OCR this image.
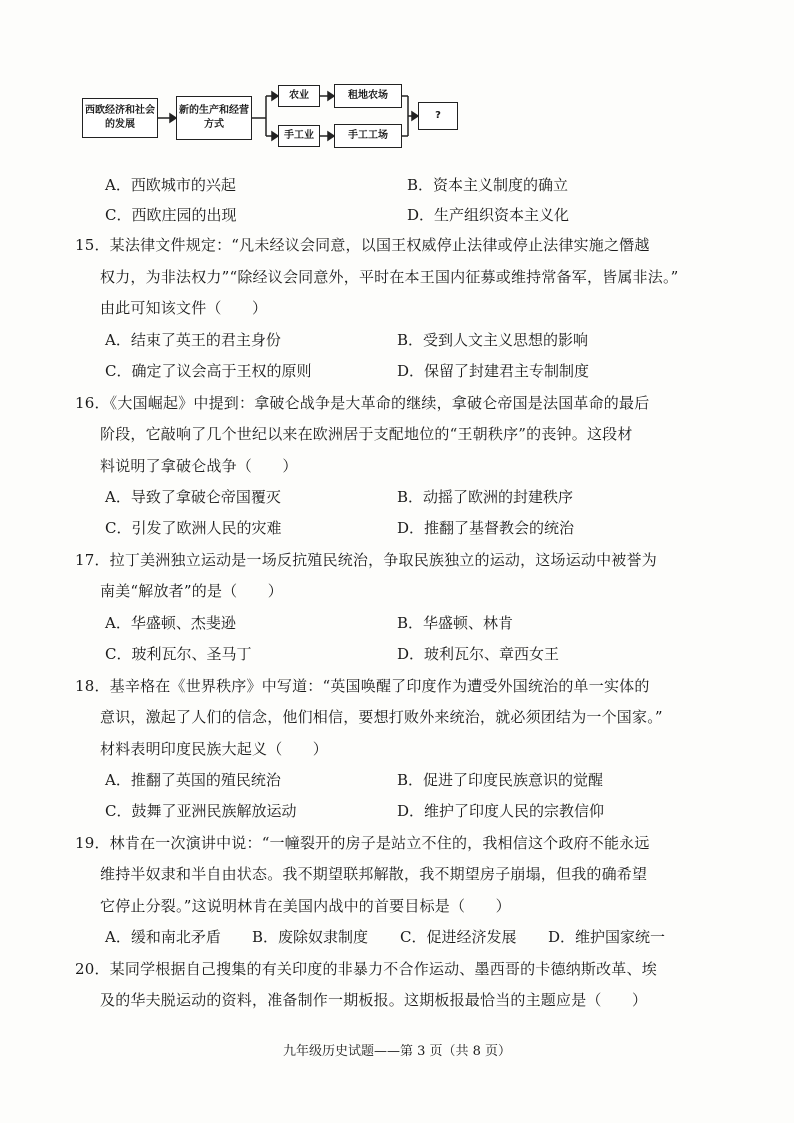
西欧经济和社会的发展
新的生产和经营方式
农业	租地农场
手工业	手工工场
?
A．西欧城市的兴起	B．资本主义制度的确立
C．西欧庄园的出现	D．生产组织资本主义化
15．某法律文件规定：“凡未经议会同意，以国王权威停止法律或停止法律实施之僭越
权力，为非法权力”“除经议会同意外，平时在本王国内征募或维持常备军，皆属非法。”
由此可知该文件（　　）
A．结束了英王的君主身份	B．受到人文主义思想的影响
C．确定了议会高于王权的原则	D．保留了封建君主专制制度
16．《大国崛起》中提到：拿破仑战争是大革命的继续，拿破仑帝国是法国革命的最后
阶段，它敲响了几个世纪以来在欧洲居于支配地位的“王朝秩序”的丧钟。这段材
料说明了拿破仑战争（　　）
A．导致了拿破仑帝国覆灭	B．动摇了欧洲的封建秩序
C．引发了欧洲人民的灾难	D．推翻了基督教会的统治
17．拉丁美洲独立运动是一场反抗殖民统治，争取民族独立的运动，这场运动中被誉为
南美“解放者”的是（　　）
A．华盛顿、杰斐逊	B．华盛顿、林肯
C．玻利瓦尔、圣马丁	D．玻利瓦尔、章西女王
18．基辛格在《世界秩序》中写道：“英国唤醒了印度作为遭受外国统治的单一实体的
意识，激起了人们的信念，他们相信，要想打败外来统治，就必须团结为一个国家。”
材料表明印度民族大起义（　　）
A．推翻了英国的殖民统治	B．促进了印度民族意识的觉醒
C．鼓舞了亚洲民族解放运动	D．维护了印度人民的宗教信仰
19．林肯在一次演讲中说：“一幢裂开的房子是站立不住的，我相信这个政府不能永远
维持半奴隶和半自由状态。我不期望联邦解散，我不期望房子崩塌，但我的确希望
它停止分裂。”这说明林肯在美国内战中的首要目标是（　　）
A．缓和南北矛盾 B．废除奴隶制度 C．促进经济发展 D．维护国家统一
20．某同学根据自己搜集的有关印度的非暴力不合作运动、墨西哥的卡德纳斯改革、埃
及的华夫脱运动的资料，准备制作一期板报。这期板报最恰当的主题应是（　　）
九年级历史试题——第 3 页（共 8 页）
